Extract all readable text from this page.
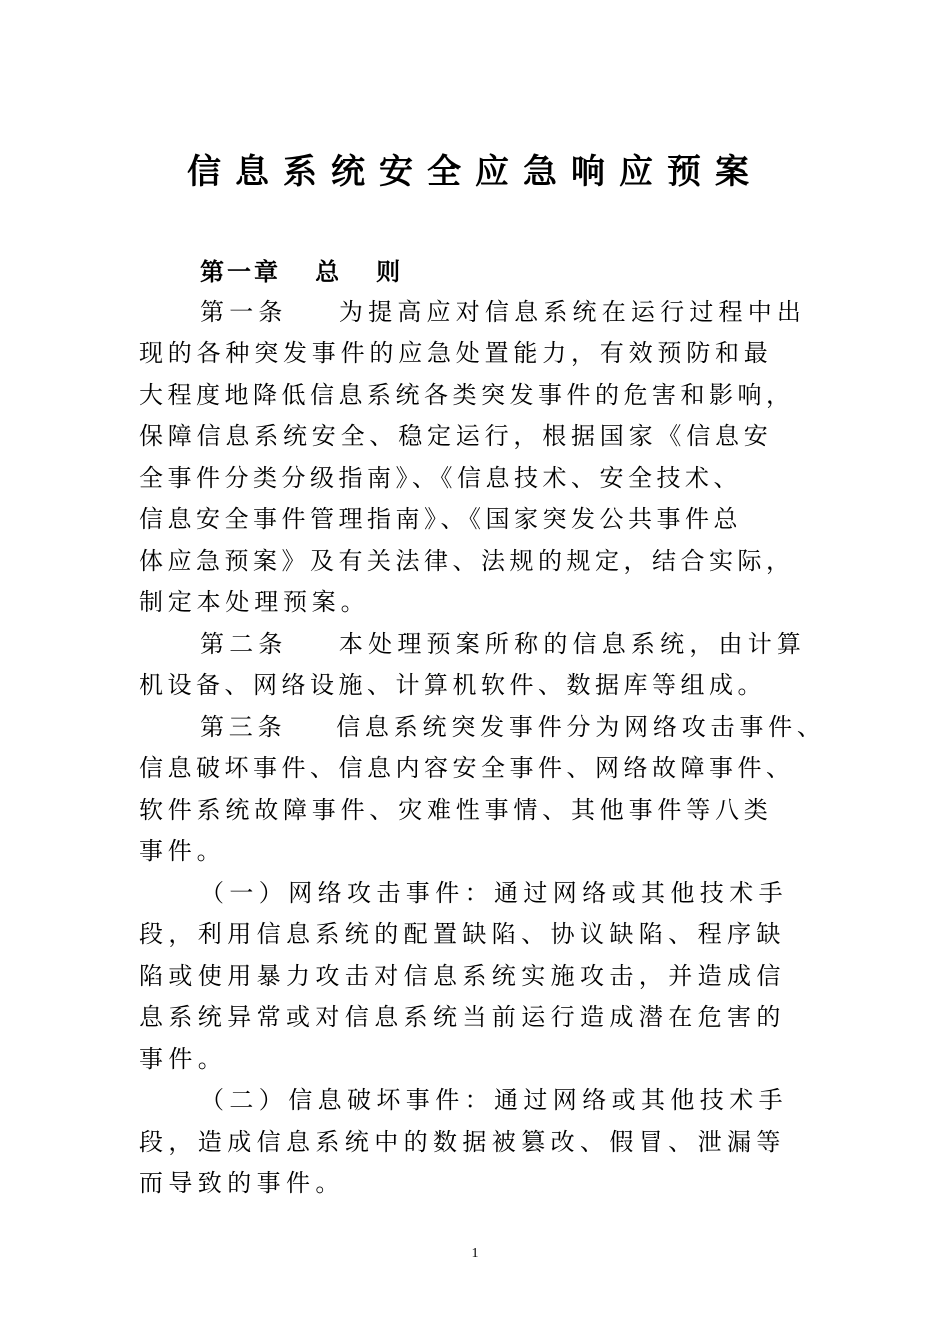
信息系统安全应急响应预案
第一章   总   则
第一条    为提高应对信息系统在运行过程中出
现的各种突发事件的应急处置能力，有效预防和最
大程度地降低信息系统各类突发事件的危害和影响，
保障信息系统安全、稳定运行，根据国家《信息安
全事件分类分级指南》、《信息技术、安全技术、
信息安全事件管理指南》、《国家突发公共事件总
体应急预案》及有关法律、法规的规定，结合实际，
制定本处理预案。
第二条    本处理预案所称的信息系统，由计算
机设备、网络设施、计算机软件、数据库等组成。
第三条    信息系统突发事件分为网络攻击事件、
信息破坏事件、信息内容安全事件、网络故障事件、
软件系统故障事件、灾难性事情、其他事件等八类
事件。
（一）网络攻击事件：通过网络或其他技术手
段，利用信息系统的配置缺陷、协议缺陷、程序缺
陷或使用暴力攻击对信息系统实施攻击，并造成信
息系统异常或对信息系统当前运行造成潜在危害的
事件。
（二）信息破坏事件：通过网络或其他技术手
段，造成信息系统中的数据被篡改、假冒、泄漏等
而导致的事件。
1
